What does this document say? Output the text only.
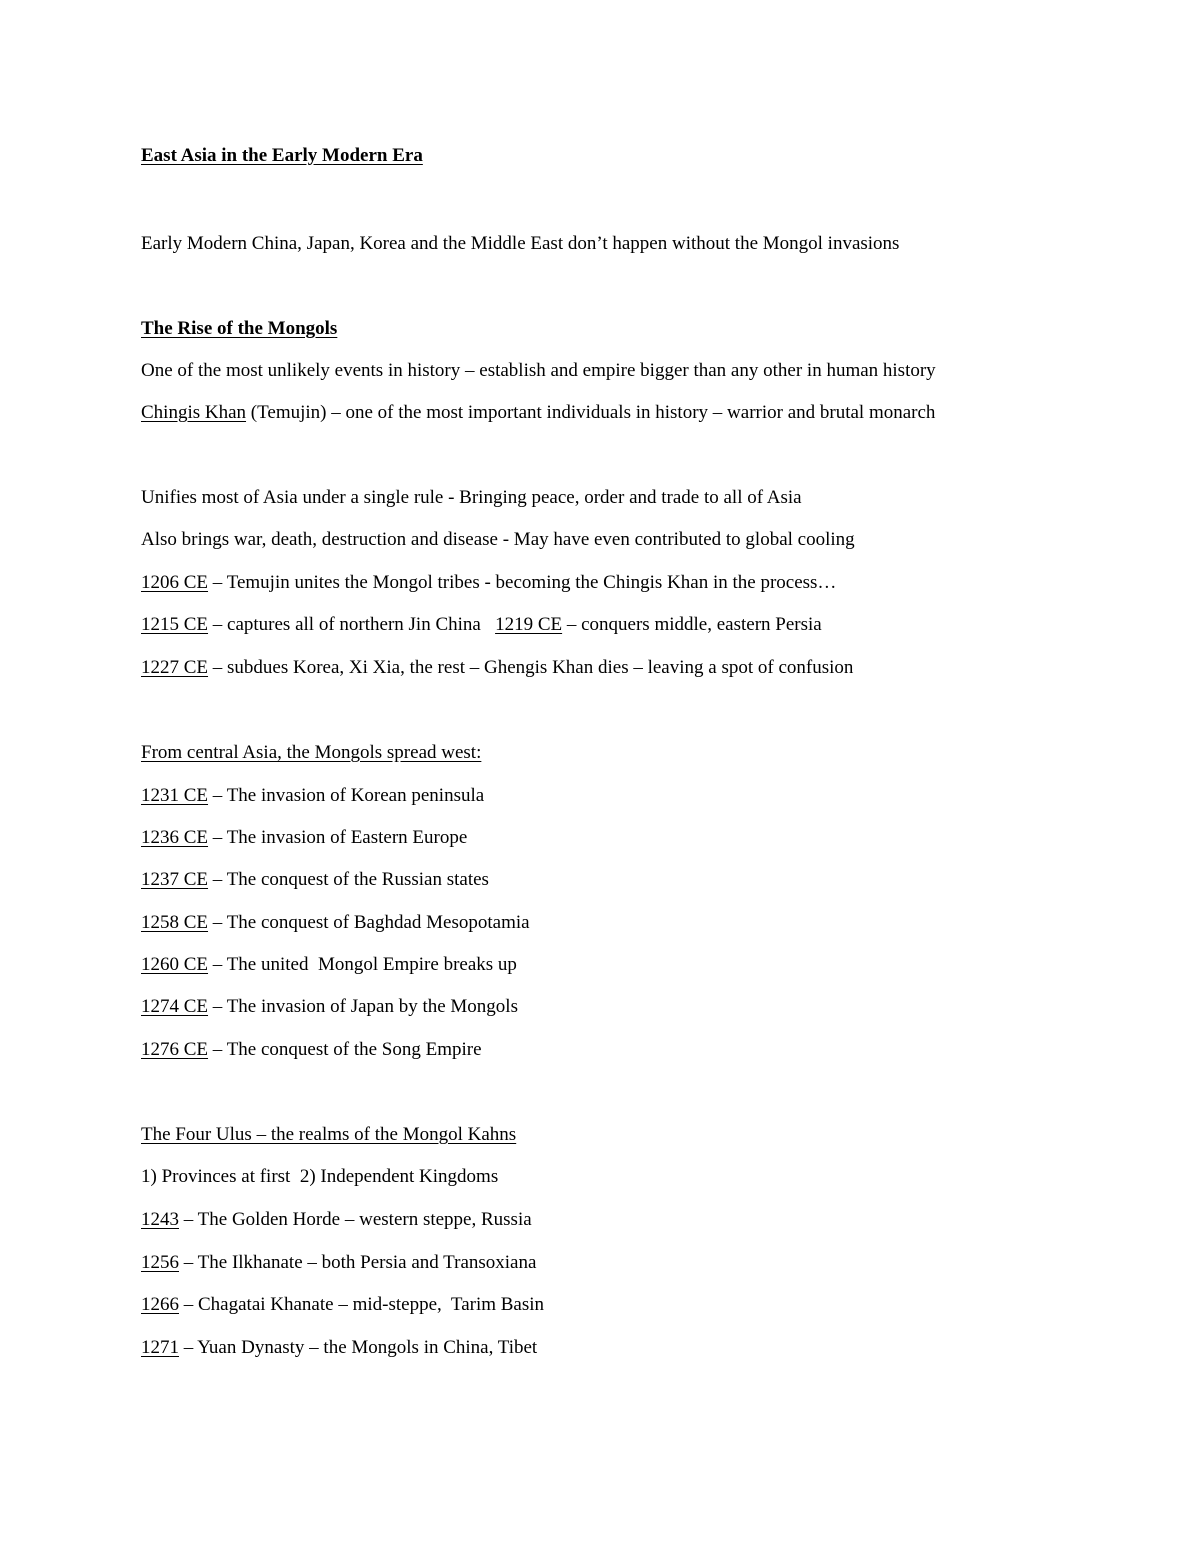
East Asia in the Early Modern Era
Early Modern China, Japan, Korea and the Middle East don’t happen without the Mongol invasions
The Rise of the Mongols
One of the most unlikely events in history – establish and empire bigger than any other in human history
Chingis Khan (Temujin) – one of the most important individuals in history – warrior and brutal monarch
Unifies most of Asia under a single rule - Bringing peace, order and trade to all of Asia
Also brings war, death, destruction and disease - May have even contributed to global cooling
1206 CE – Temujin unites the Mongol tribes - becoming the Chingis Khan in the process…
1215 CE – captures all of northern Jin China   1219 CE – conquers middle, eastern Persia
1227 CE – subdues Korea, Xi Xia, the rest – Ghengis Khan dies – leaving a spot of confusion
From central Asia, the Mongols spread west:
1231 CE – The invasion of Korean peninsula
1236 CE – The invasion of Eastern Europe
1237 CE – The conquest of the Russian states
1258 CE – The conquest of Baghdad Mesopotamia
1260 CE – The united  Mongol Empire breaks up
1274 CE – The invasion of Japan by the Mongols
1276 CE – The conquest of the Song Empire
The Four Ulus – the realms of the Mongol Kahns
1) Provinces at first  2) Independent Kingdoms
1243 – The Golden Horde – western steppe, Russia
1256 – The Ilkhanate – both Persia and Transoxiana
1266 – Chagatai Khanate – mid-steppe,  Tarim Basin
1271 – Yuan Dynasty – the Mongols in China, Tibet
